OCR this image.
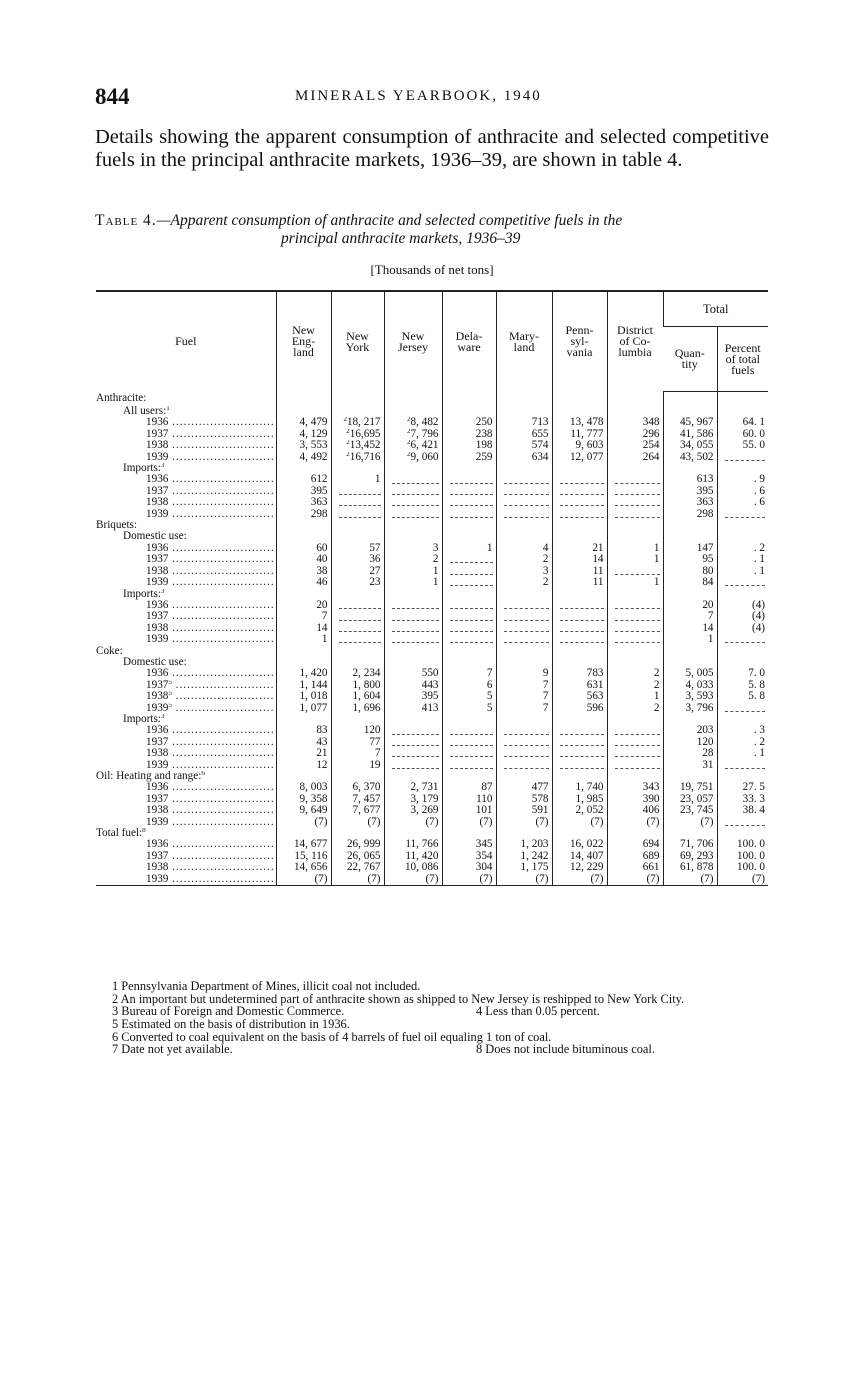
844	MINERALS YEARBOOK, 1940

Details showing the apparent consumption of anthracite and selected competitive fuels in the principal anthracite markets, 1936–39, are shown in table 4.

Table 4.—Apparent consumption of anthracite and selected competitive fuels in the
principal anthracite markets, 1936–39
[Thousands of net tons]
Fuel	New
Eng-
land	New
York	New
Jersey	Dela-
ware	Mary-
land	Penn-
syl-
vania	District
of Co-
lumbia	Total	
								Quan-
tity	Percent
of total
fuels
Anthracite:									
All users:$^1$									

1936 .....	4, 479	$^2$18, 217	$^2$8, 482	250	713	13, 478	348	45, 967	64. 1

1937 .....	4, 129	$^2$16,695	$^2$7, 796	238	655	11, 777	296	41, 586	60. 0

1938 .....	3, 553	$^2$13,452	$^2$6, 421	198	574	9, 603	254	34, 055	55. 0

1939 .....	4, 492	$^2$16,716	$^2$9, 060	259	634	12, 077	264	43, 502	

Imports:$^3$									

1936 .....	612	1						613	. 9

1937 .....	395							395	. 6

1938 .....	363							363	. 6

1939 .....	298							298	

Briquets:									
Domestic use:									

1936 .....	60	57	3	1	4	21	1	147	. 2

1937 .....	40	36	2		2	14	1	95	. 1

1938 .....	38	27	1		3	11		80	. 1

1939 .....	46	23	1		2	11	1	84	

Imports:$^3$									

1936 .....	20							20	(4)

1937 .....	7							7	(4)

1938 .....	14							14	(4)

1939 .....	1							1	

Coke:									
Domestic use:									

1936 .....	1, 420	2, 234	550	7	9	783	2	5, 005	7. 0

1937$^5$ .....	1, 144	1, 800	443	6	7	631	2	4, 033	5. 8

1938$^5$ .....	1, 018	1, 604	395	5	7	563	1	3, 593	5. 8

1939$^5$ .....	1, 077	1, 696	413	5	7	596	2	3, 796	

Imports:$^3$									

1936 .....	83	120						203	. 3

1937 .....	43	77						120	. 2

1938 .....	21	7						28	. 1

1939 .....	12	19						31	

Oil: Heating and range:$^6$									

1936 .....	8, 003	6, 370	2, 731	87	477	1, 740	343	19, 751	27. 5

1937 .....	9, 358	7, 457	3, 179	110	578	1, 985	390	23, 057	33. 3

1938 .....	9, 649	7, 677	3, 269	101	591	2, 052	406	23, 745	38. 4

1939 .....	(7)	(7)	(7)	(7)	(7)	(7)	(7)	(7)	

Total fuel:$^8$									

1936 .....	14, 677	26, 999	11, 766	345	1, 203	16, 022	694	71, 706	100. 0

1937 .....	15, 116	26, 065	11, 420	354	1, 242	14, 407	689	69, 293	100. 0

1938 .....	14, 656	22, 767	10, 086	304	1, 175	12, 229	661	61, 878	100. 0

1939 .....	(7)	(7)	(7)	(7)	(7)	(7)	(7)	(7)	(7)
1 Pennsylvania Department of Mines, illicit coal not included.
2 An important but undetermined part of anthracite shown as shipped to New Jersey is reshipped to New York City.
3 Bureau of Foreign and Domestic Commerce.	4 Less than 0.05 percent.
5 Estimated on the basis of distribution in 1936.
6 Converted to coal equivalent on the basis of 4 barrels of fuel oil equaling 1 ton of coal.
7 Date not yet available.	8 Does not include bituminous coal.
